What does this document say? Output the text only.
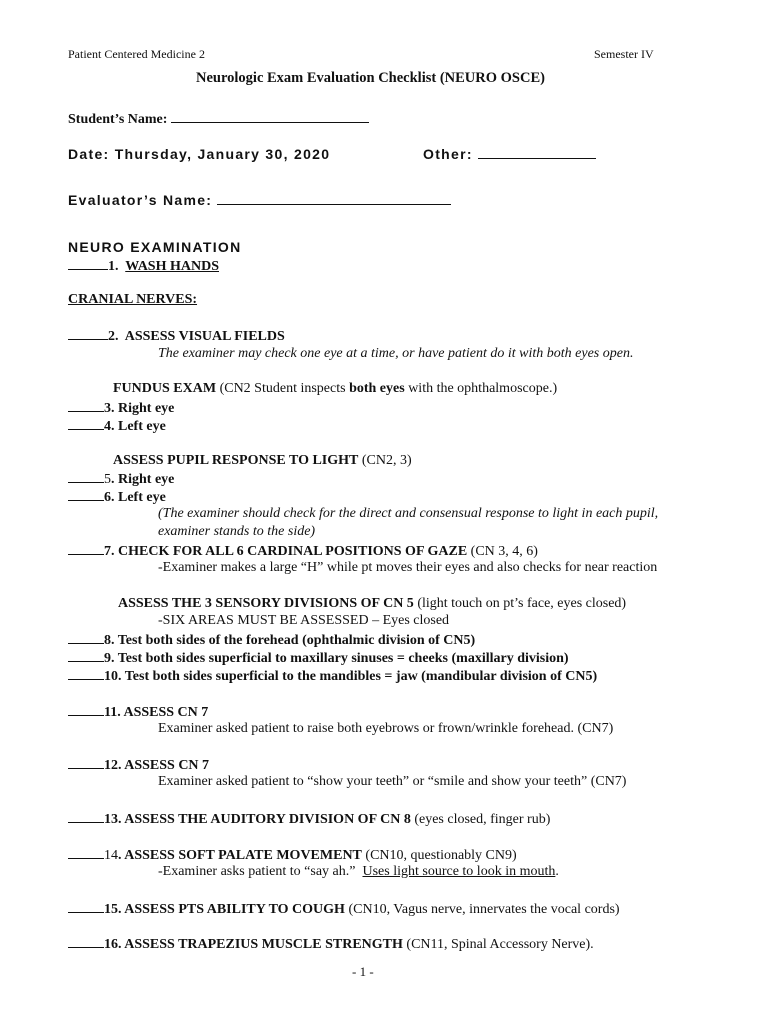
Patient Centered Medicine 2	Semester IV
Neurologic Exam Evaluation Checklist (NEURO OSCE)
Student’s Name:
Date: Thursday, January 30, 2020	Other:
Evaluator’s Name:
NEURO EXAMINATION
1. WASH HANDS
CRANIAL NERVES:
2. ASSESS VISUAL FIELDS
The examiner may check one eye at a time, or have patient do it with both eyes open.
FUNDUS EXAM (CN2 Student inspects both eyes with the ophthalmoscope.)
3. Right eye
4. Left eye
ASSESS PUPIL RESPONSE TO LIGHT (CN2, 3)
5. Right eye
6. Left eye
(The examiner should check for the direct and consensual response to light in each pupil,
examiner stands to the side)
7. CHECK FOR ALL 6 CARDINAL POSITIONS OF GAZE (CN 3, 4, 6)
-Examiner makes a large “H” while pt moves their eyes and also checks for near reaction
ASSESS THE 3 SENSORY DIVISIONS OF CN 5 (light touch on pt’s face, eyes closed)
-SIX AREAS MUST BE ASSESSED – Eyes closed
8. Test both sides of the forehead (ophthalmic division of CN5)
9. Test both sides superficial to maxillary sinuses = cheeks (maxillary division)
10. Test both sides superficial to the mandibles = jaw (mandibular division of CN5)
11. ASSESS CN 7
Examiner asked patient to raise both eyebrows or frown/wrinkle forehead. (CN7)
12. ASSESS CN 7
Examiner asked patient to “show your teeth” or “smile and show your teeth” (CN7)
13. ASSESS THE AUDITORY DIVISION OF CN 8 (eyes closed, finger rub)
14. ASSESS SOFT PALATE MOVEMENT (CN10, questionably CN9)
-Examiner asks patient to “say ah.”  Uses light source to look in mouth.
15. ASSESS PTS ABILITY TO COUGH (CN10, Vagus nerve, innervates the vocal cords)
16. ASSESS TRAPEZIUS MUSCLE STRENGTH (CN11, Spinal Accessory Nerve).
- 1 -
